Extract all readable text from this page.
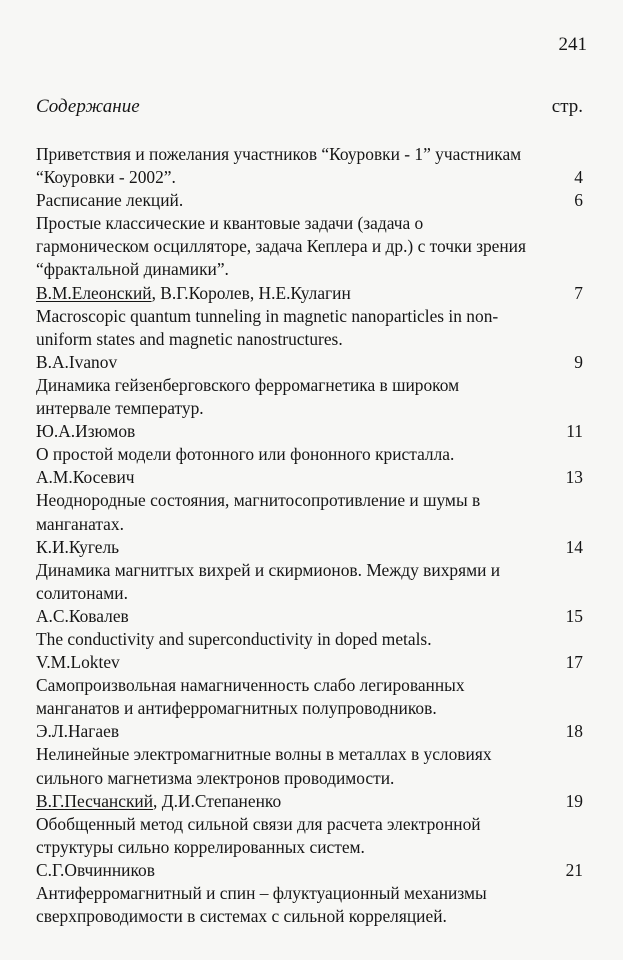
241
Содержание	стр.
Приветствия и пожелания участников “Коуровки - 1” участникам
“Коуровки - 2002”.	4
Расписание лекций.	6
Простые классические и квантовые задачи (задача о
гармоническом осцилляторе, задача Кеплера и др.) с точки зрения
“фрактальной динамики”.
В.М.Елеонский, В.Г.Королев, Н.Е.Кулагин	7
Macroscopic quantum tunneling in magnetic nanoparticles in non-
uniform states and magnetic nanostructures.
B.A.Ivanov	9
Динамика гейзенберговского ферромагнетика в широком
интервале температур.
Ю.А.Изюмов	11
О простой модели фотонного или фононного кристалла.
А.М.Косевич	13
Неоднородные состояния, магнитосопротивление и шумы в
манганатах.
К.И.Кугель	14
Динамика магнитгых вихрей и скирмионов. Между вихрями и
солитонами.
А.С.Ковалев	15
The conductivity and superconductivity in doped metals.
V.M.Loktev	17
Самопроизвольная намагниченность слабо легированных
манганатов и антиферромагнитных полупроводников.
Э.Л.Нагаев	18
Нелинейные электромагнитные волны в металлах в условиях
сильного магнетизма электронов проводимости.
В.Г.Песчанский, Д.И.Степаненко	19
Обобщенный метод сильной связи для расчета электронной
структуры сильно коррелированных систем.
С.Г.Овчинников	21
Антиферромагнитный и спин – флуктуационный механизмы
сверхпроводимости в системах с сильной корреляцией.
